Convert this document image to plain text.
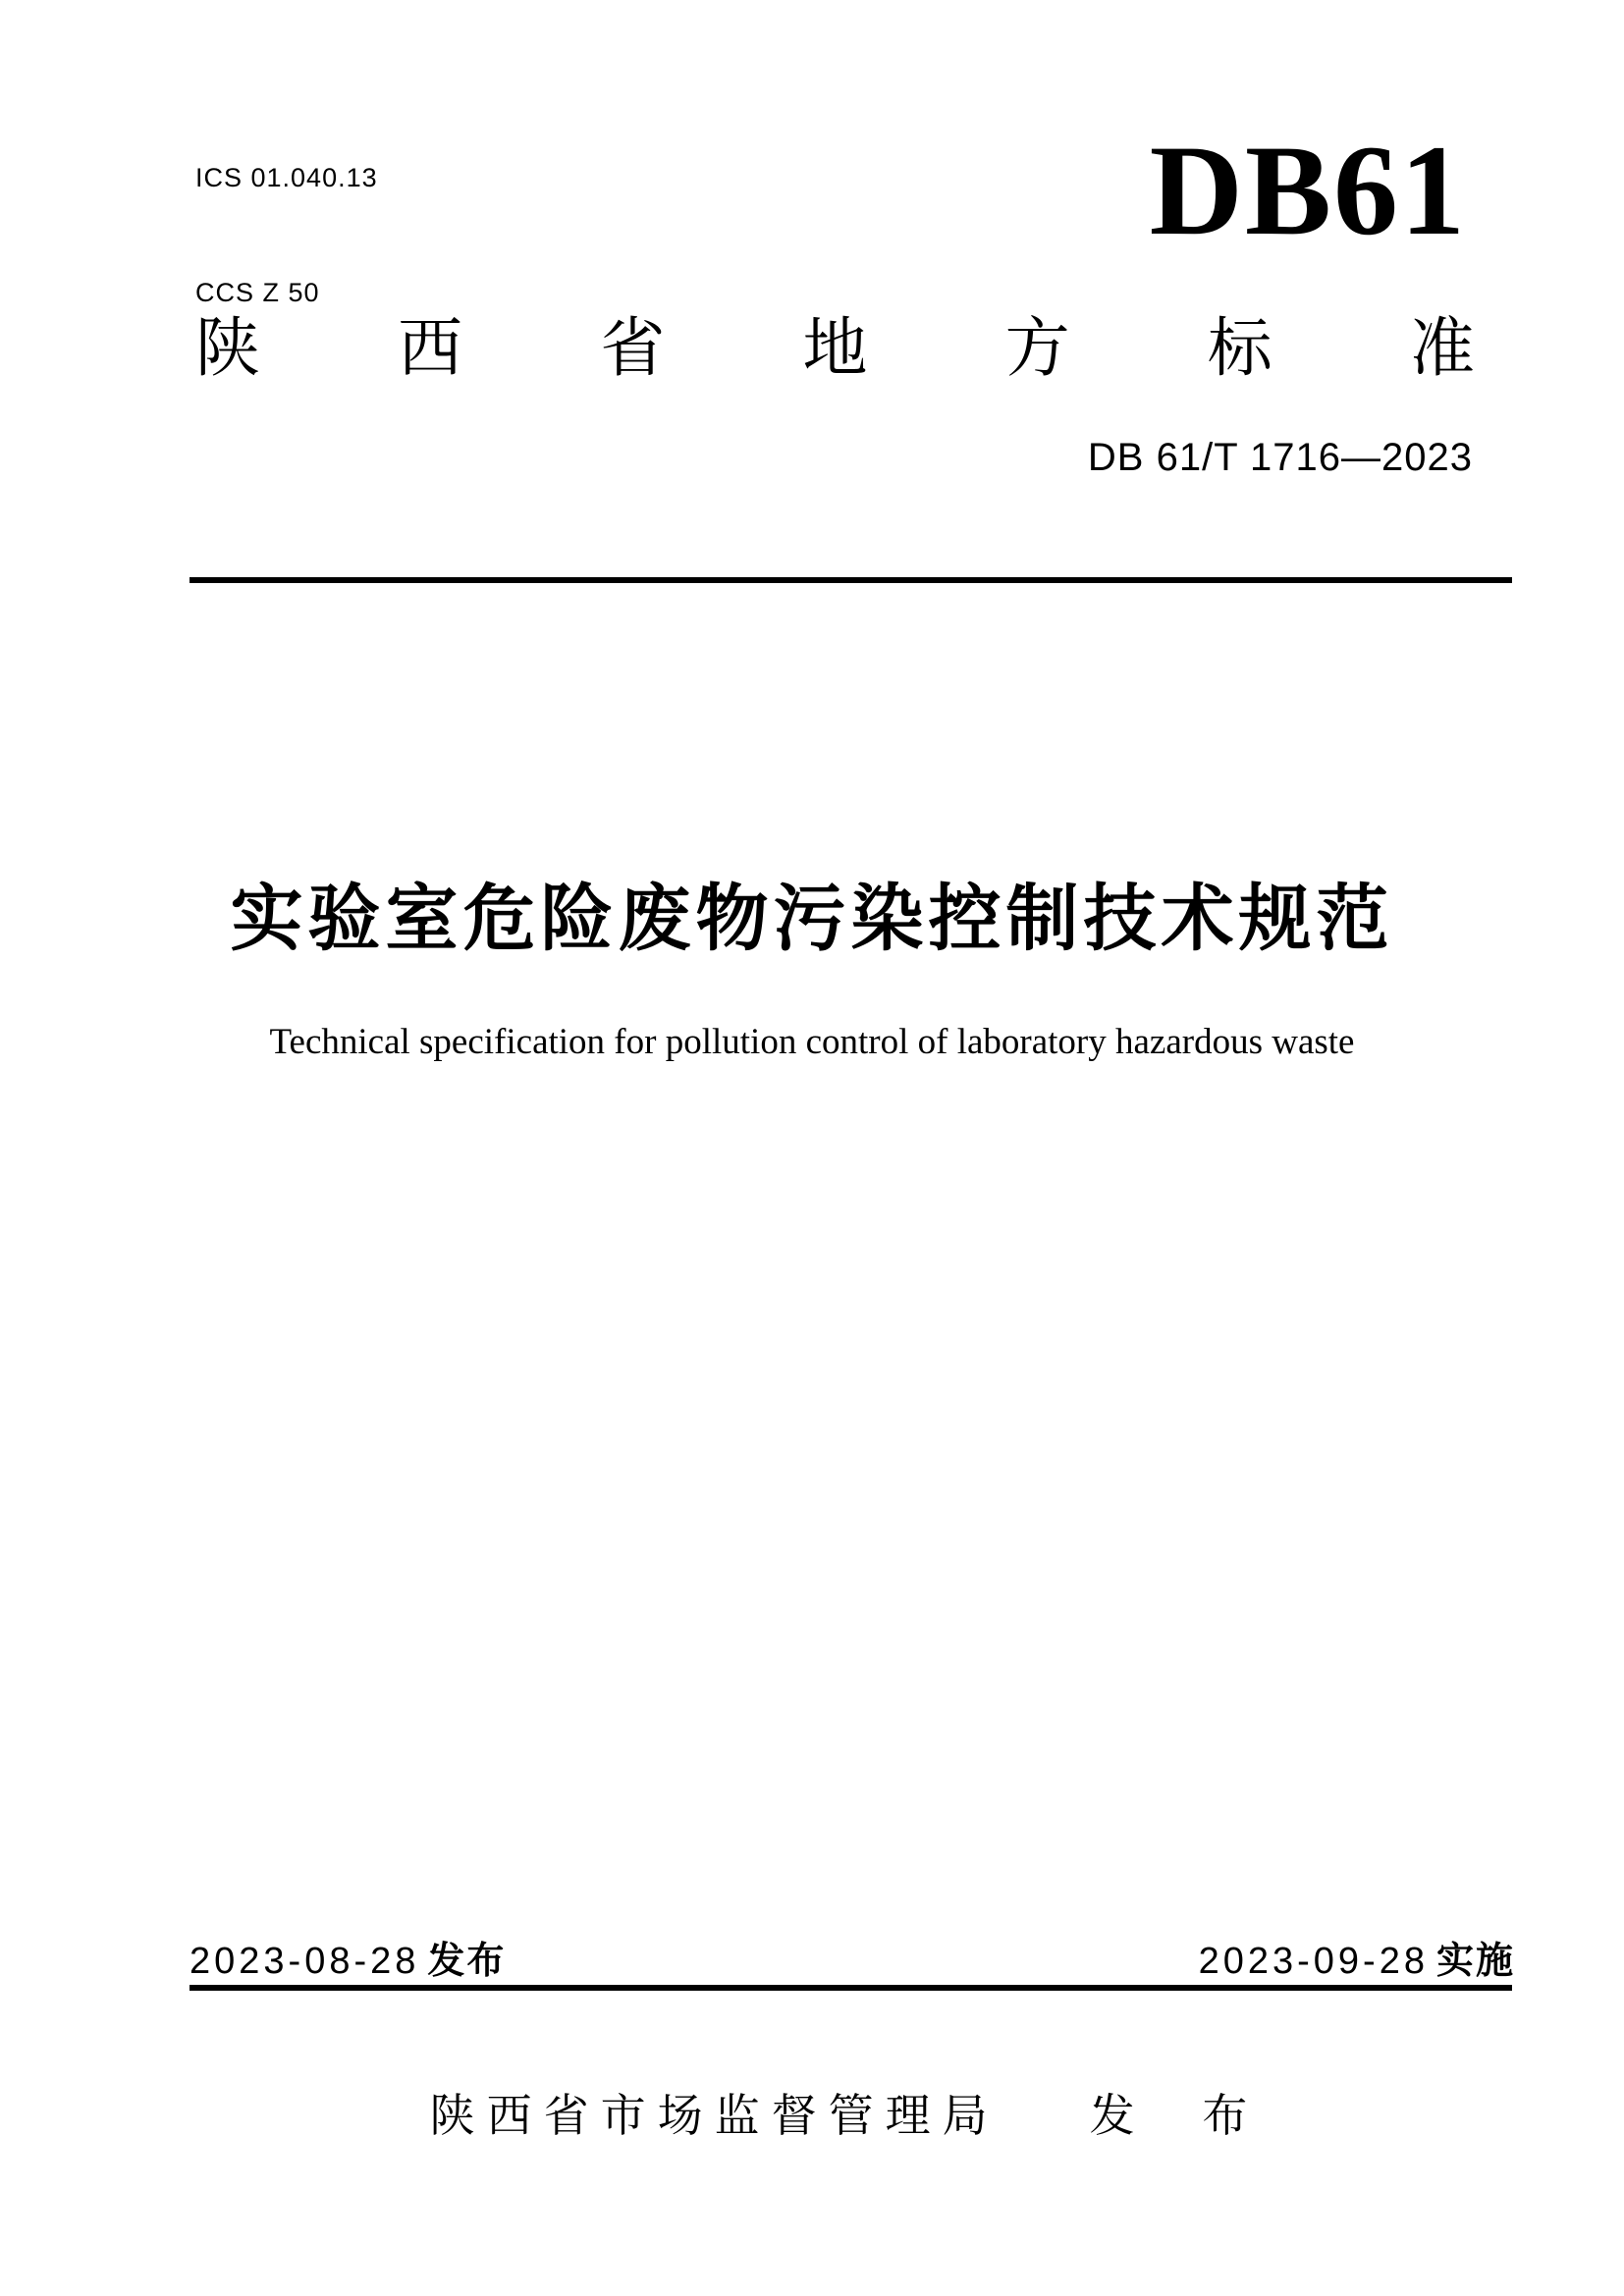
ICS 01.040.13

CCS Z 50

DB61
陕 西 省 地 方 标 准
DB 61/T 1716—2023
实验室危险废物污染控制技术规范
Technical specification for pollution control of laboratory hazardous waste
2023-08-28 发布	2023-09-28 实施
陕西省市场监督管理局 发 布
